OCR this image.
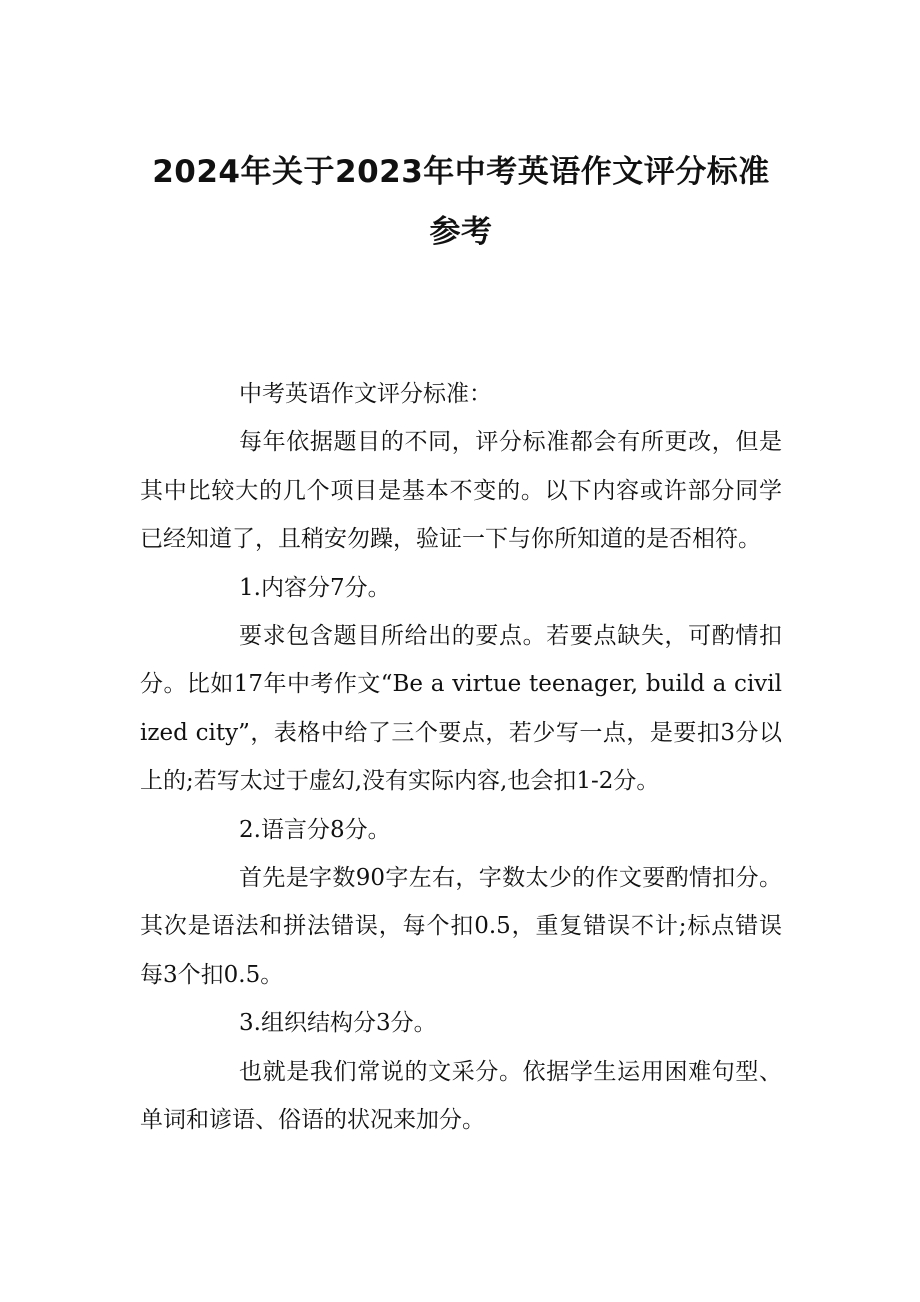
2024年关于2023年中考英语作文评分标准参考

中考英语作文评分标准：

每年依据题目的不同，评分标准都会有所更改，但是其中比较大的几个项目是基本不变的。以下内容或许部分同学已经知道了，且稍安勿躁，验证一下与你所知道的是否相符。

1.内容分7分。

要求包含题目所给出的要点。若要点缺失，可酌情扣分。比如17年中考作文“Be a virtue teenager, build a civilized city”，表格中给了三个要点，若少写一点，是要扣3分以上的;若写太过于虚幻,没有实际内容,也会扣1-2分。

2.语言分8分。

首先是字数90字左右，字数太少的作文要酌情扣分。其次是语法和拼法错误，每个扣0.5，重复错误不计;标点错误每3个扣0.5。

3.组织结构分3分。

也就是我们常说的文采分。依据学生运用困难句型、单词和谚语、俗语的状况来加分。
